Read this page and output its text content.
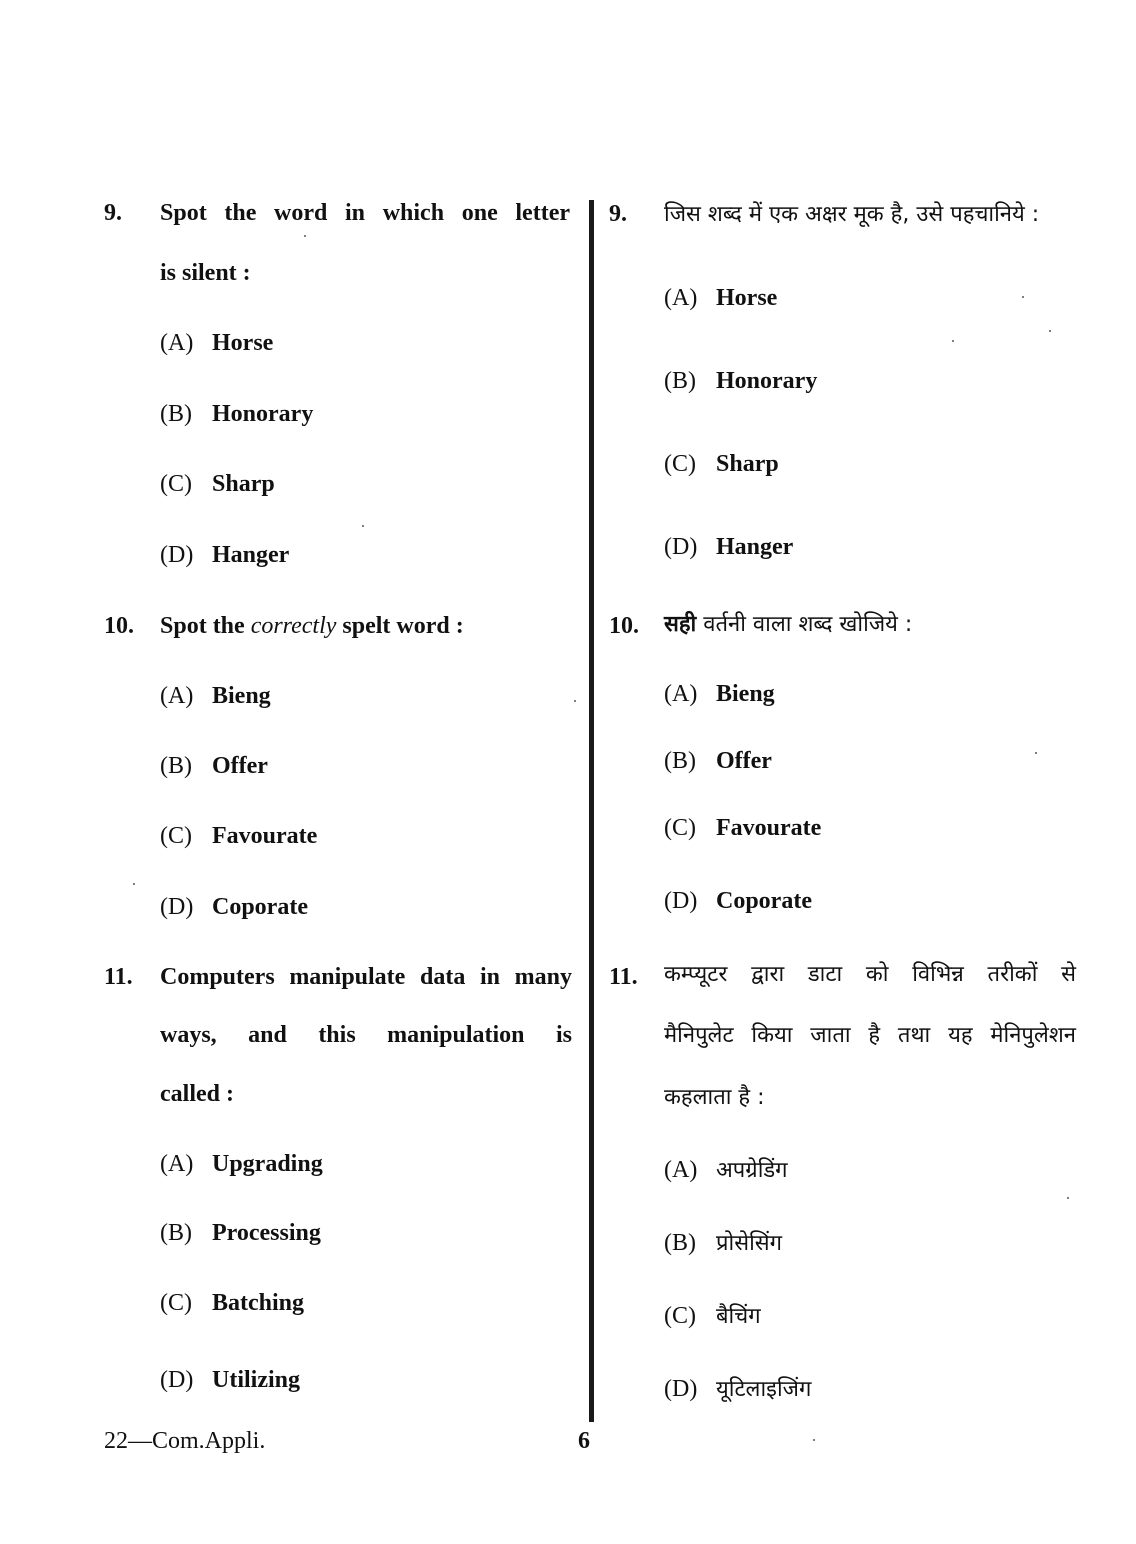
9. Spot the word in which one letter
is silent :
(A) Horse
(B) Honorary
(C) Sharp
(D) Hanger
10. Spot the correctly spelt word :
(A) Bieng
(B) Offer
(C) Favourate
(D) Coporate
11. Computers manipulate data in many
ways, and this manipulation is
called :
(A) Upgrading
(B) Processing
(C) Batching
(D) Utilizing
9. जिस शब्द में एक अक्षर मूक है, उसे पहचानिये :
(A) Horse
(B) Honorary
(C) Sharp
(D) Hanger
10. सही वर्तनी वाला शब्द खोजिये :
(A) Bieng
(B) Offer
(C) Favourate
(D) Coporate
11. कम्प्यूटर द्वारा डाटा को विभिन्न तरीकों से
मैनिपुलेट किया जाता है तथा यह मेनिपुलेशन
कहलाता है :
(A) अपग्रेडिंग
(B) प्रोसेसिंग
(C) बैचिंग
(D) यूटिलाइजिंग
22—Com.Appli.	6
